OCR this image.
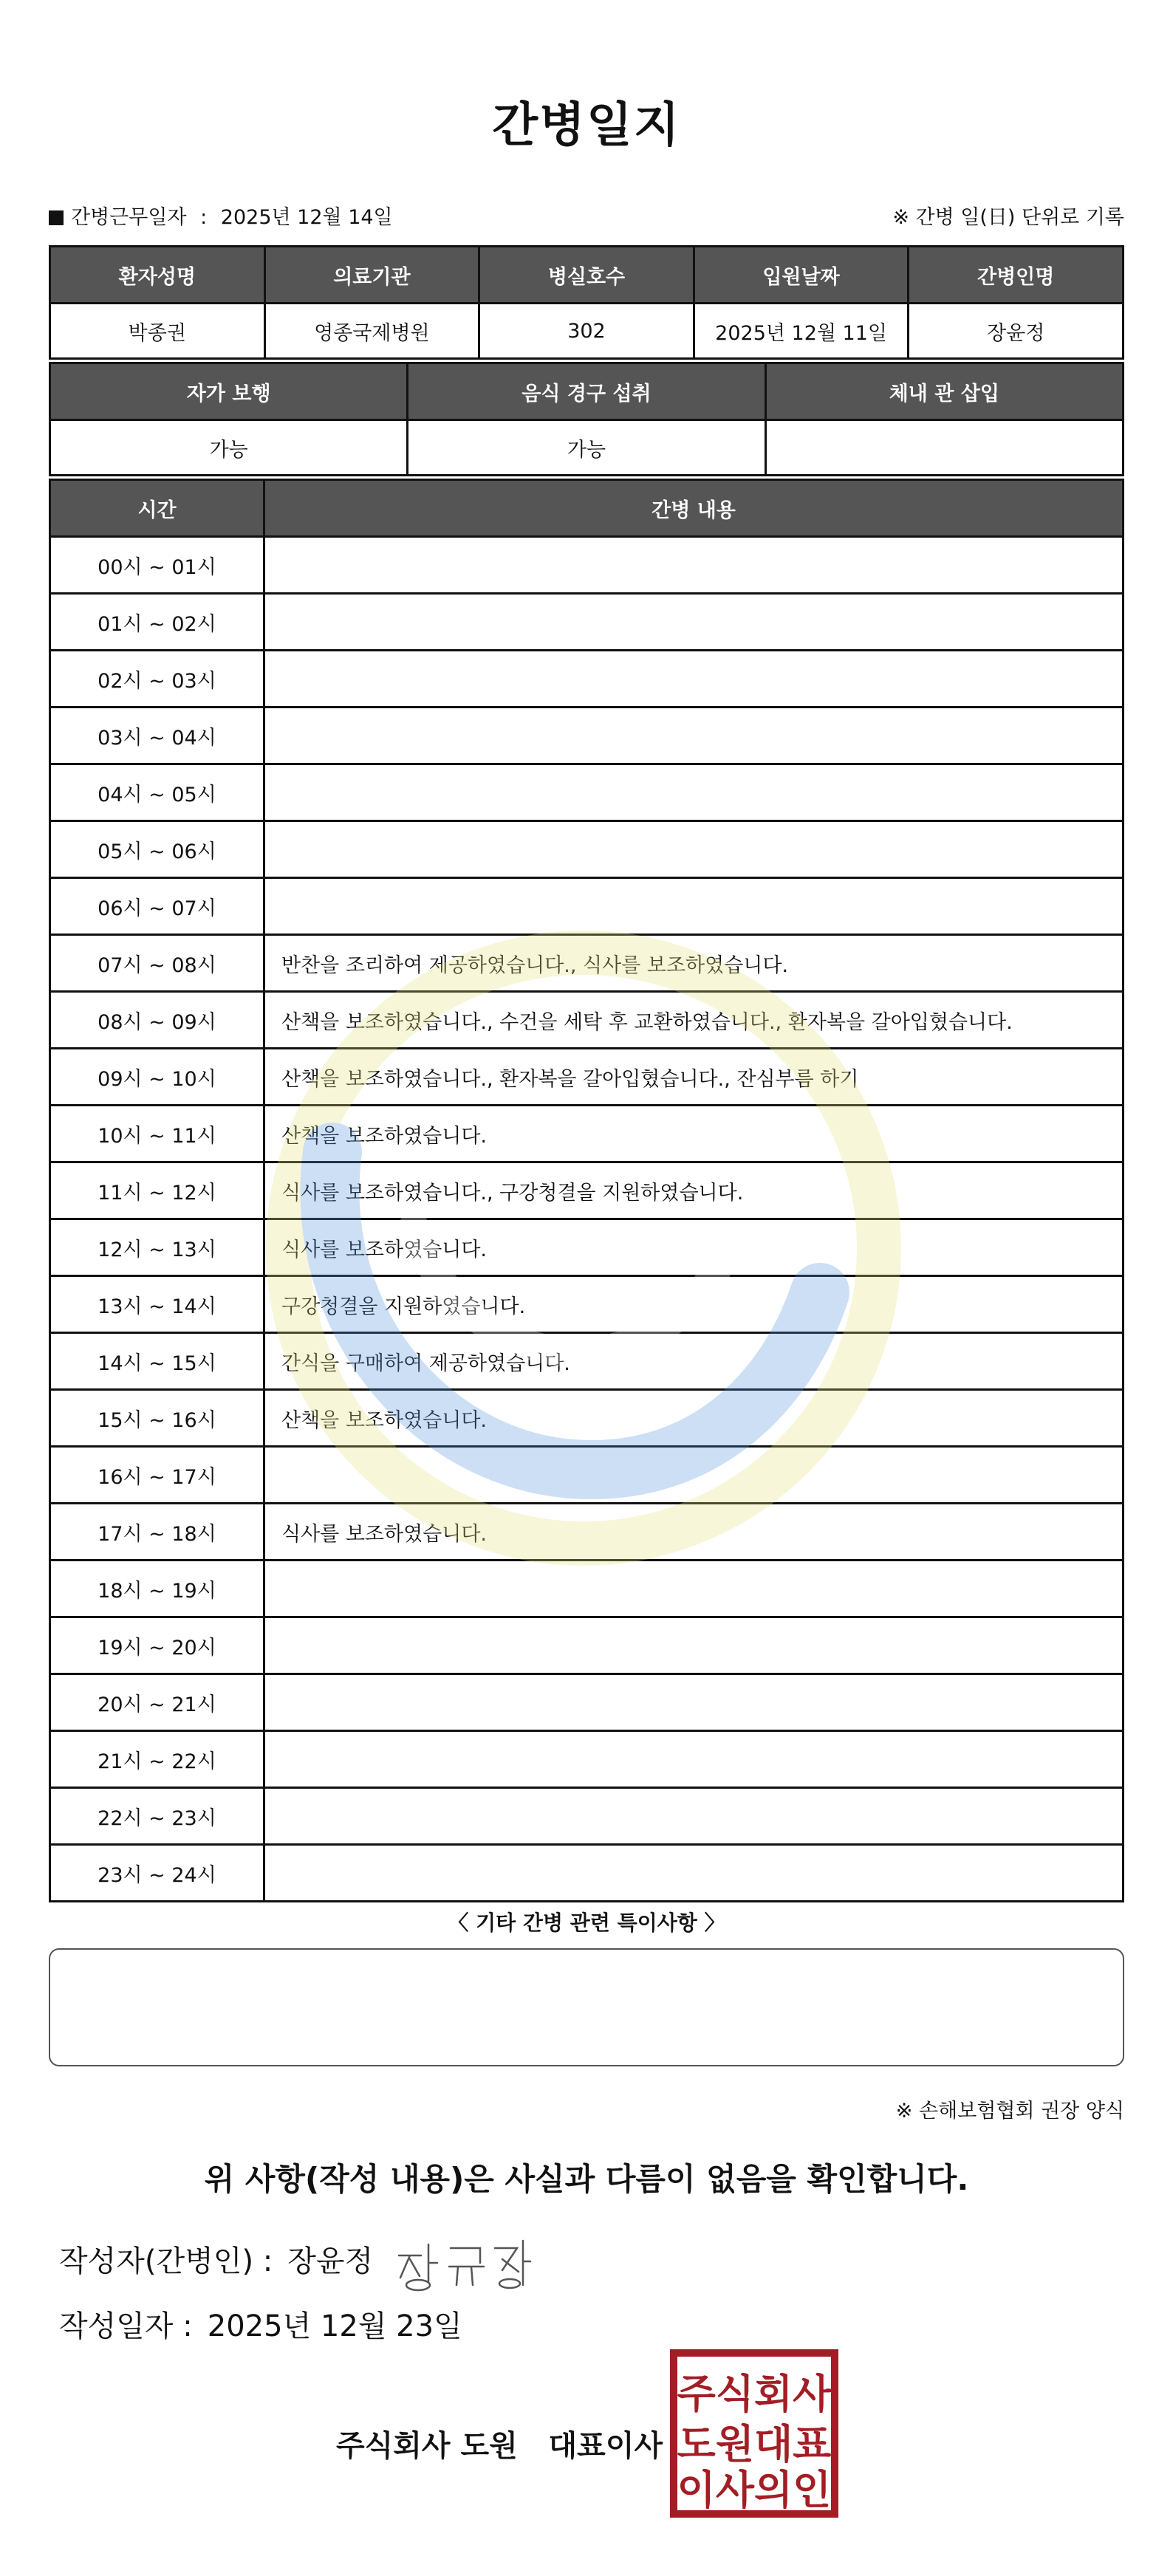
간병일지
간병근무일자 : 2025년 12월 14일	※ 간병 일(日) 단위로 기록
환자성명	의료기관	병실호수	입원날짜	간병인명
박종권	영종국제병원	302	2025년 12월 11일	장윤정
자가 보행	음식 경구 섭취	체내 관 삽입
가능	가능	
시간	간병 내용
00시 ~ 01시	
01시 ~ 02시	
02시 ~ 03시	
03시 ~ 04시	
04시 ~ 05시	
05시 ~ 06시	
06시 ~ 07시	
07시 ~ 08시	반찬을 조리하여 제공하였습니다., 식사를 보조하였습니다.
08시 ~ 09시	산책을 보조하였습니다., 수건을 세탁 후 교환하였습니다., 환자복을 갈아입혔습니다.
09시 ~ 10시	산책을 보조하였습니다., 환자복을 갈아입혔습니다., 잔심부름 하기
10시 ~ 11시	산책을 보조하였습니다.
11시 ~ 12시	식사를 보조하였습니다., 구강청결을 지원하였습니다.
12시 ~ 13시	식사를 보조하였습니다.
13시 ~ 14시	구강청결을 지원하였습니다.
14시 ~ 15시	간식을 구매하여 제공하였습니다.
15시 ~ 16시	산책을 보조하였습니다.
16시 ~ 17시	
17시 ~ 18시	식사를 보조하였습니다.
18시 ~ 19시	
19시 ~ 20시	
20시 ~ 21시	
21시 ~ 22시	
22시 ~ 23시	
23시 ~ 24시	
〈 기타 간병 관련 특이사항 〉
※ 손해보험협회 권장 양식
위 사항(작성 내용)은 사실과 다름이 없음을 확인합니다.
작성자(간병인) : 장윤정
작성일자 : 2025년 12월 23일
주식회사 도원   대표이사
주식회사
도원대표
이사의인
